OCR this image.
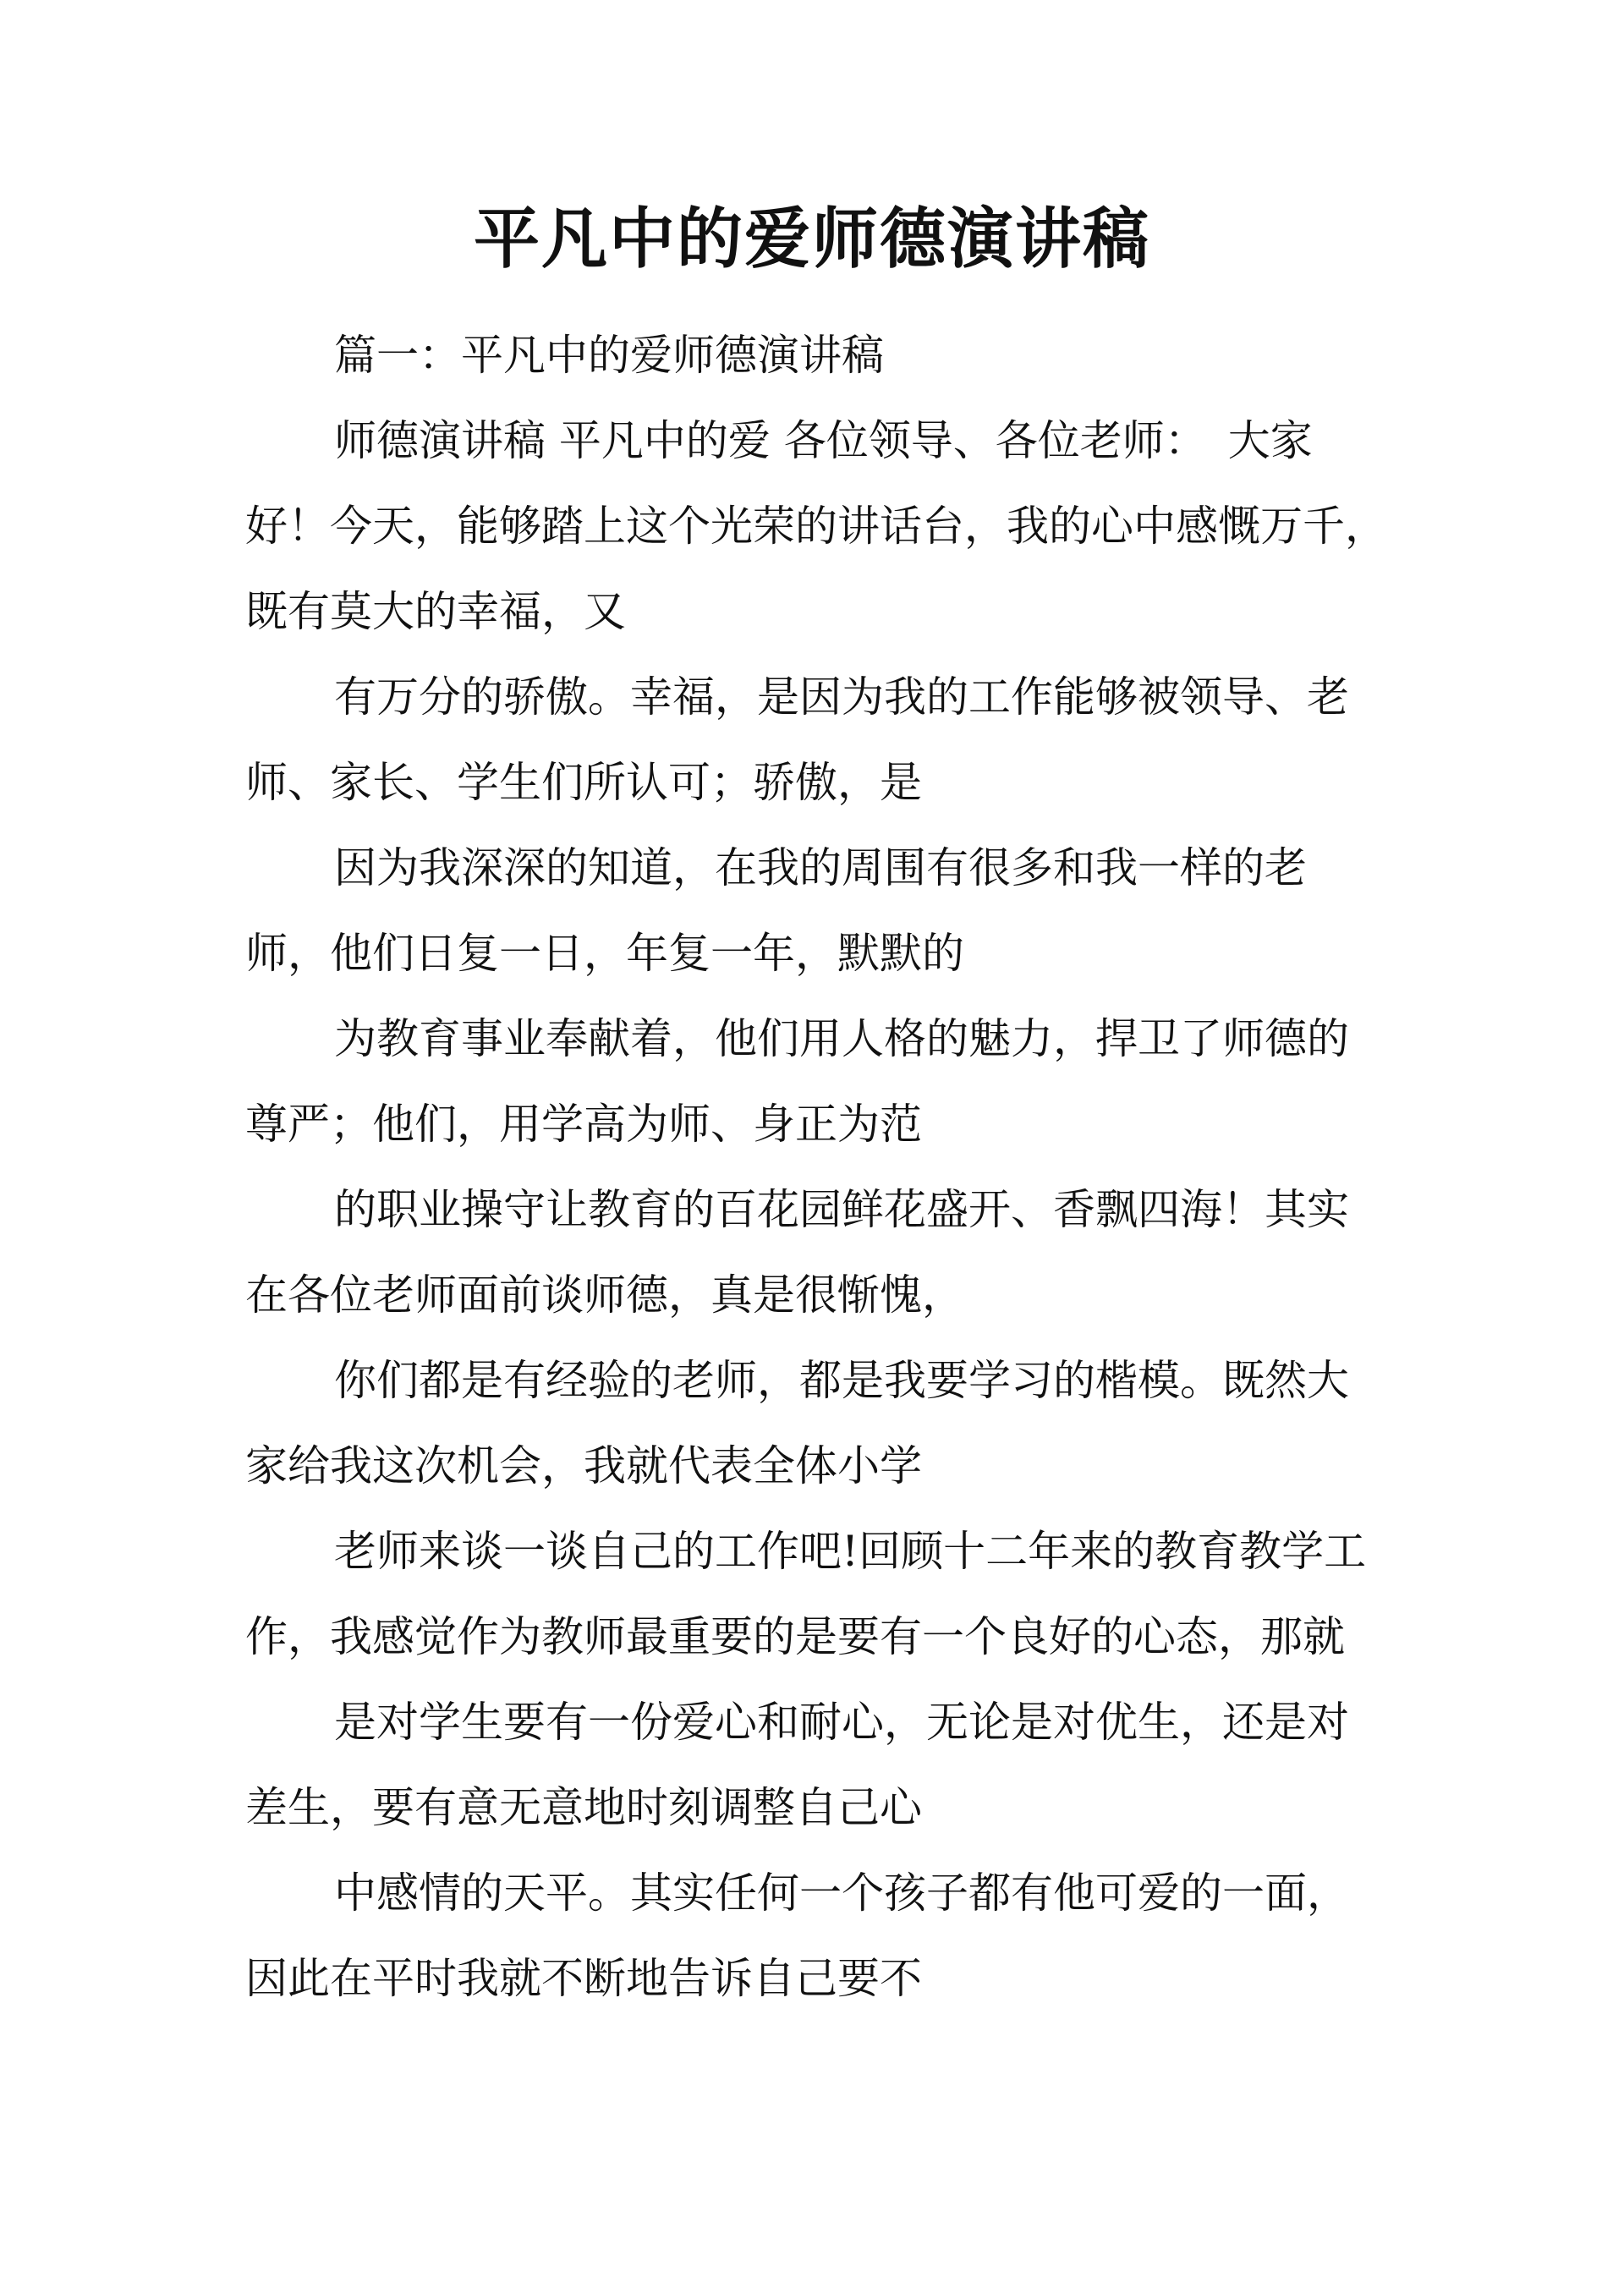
平凡中的爱师德演讲稿

篇一：平凡中的爱师德演讲稿

师德演讲稿 平凡中的爱 各位领导、各位老师：　大家好！今天，能够踏上这个光荣的讲话台，我的心中感慨万千，既有莫大的幸福，又

有万分的骄傲。幸福，是因为我的工作能够被领导、老师、家长、学生们所认可；骄傲，是

因为我深深的知道，在我的周围有很多和我一样的老师，他们日复一日，年复一年，默默的

为教育事业奉献着，他们用人格的魅力，捍卫了师德的尊严；他们，用学高为师、身正为范

的职业操守让教育的百花园鲜花盛开、香飘四海！其实在各位老师面前谈师德，真是很惭愧，

你们都是有经验的老师，都是我要学习的楷模。既然大家给我这次机会，我就代表全体小学

老师来谈一谈自己的工作吧!回顾十二年来的教育教学工作，我感觉作为教师最重要的是要有一个良好的心态，那就

是对学生要有一份爱心和耐心，无论是对优生，还是对差生，要有意无意地时刻调整自己心

中感情的天平。其实任何一个孩子都有他可爱的一面，因此在平时我就不断地告诉自己要不
